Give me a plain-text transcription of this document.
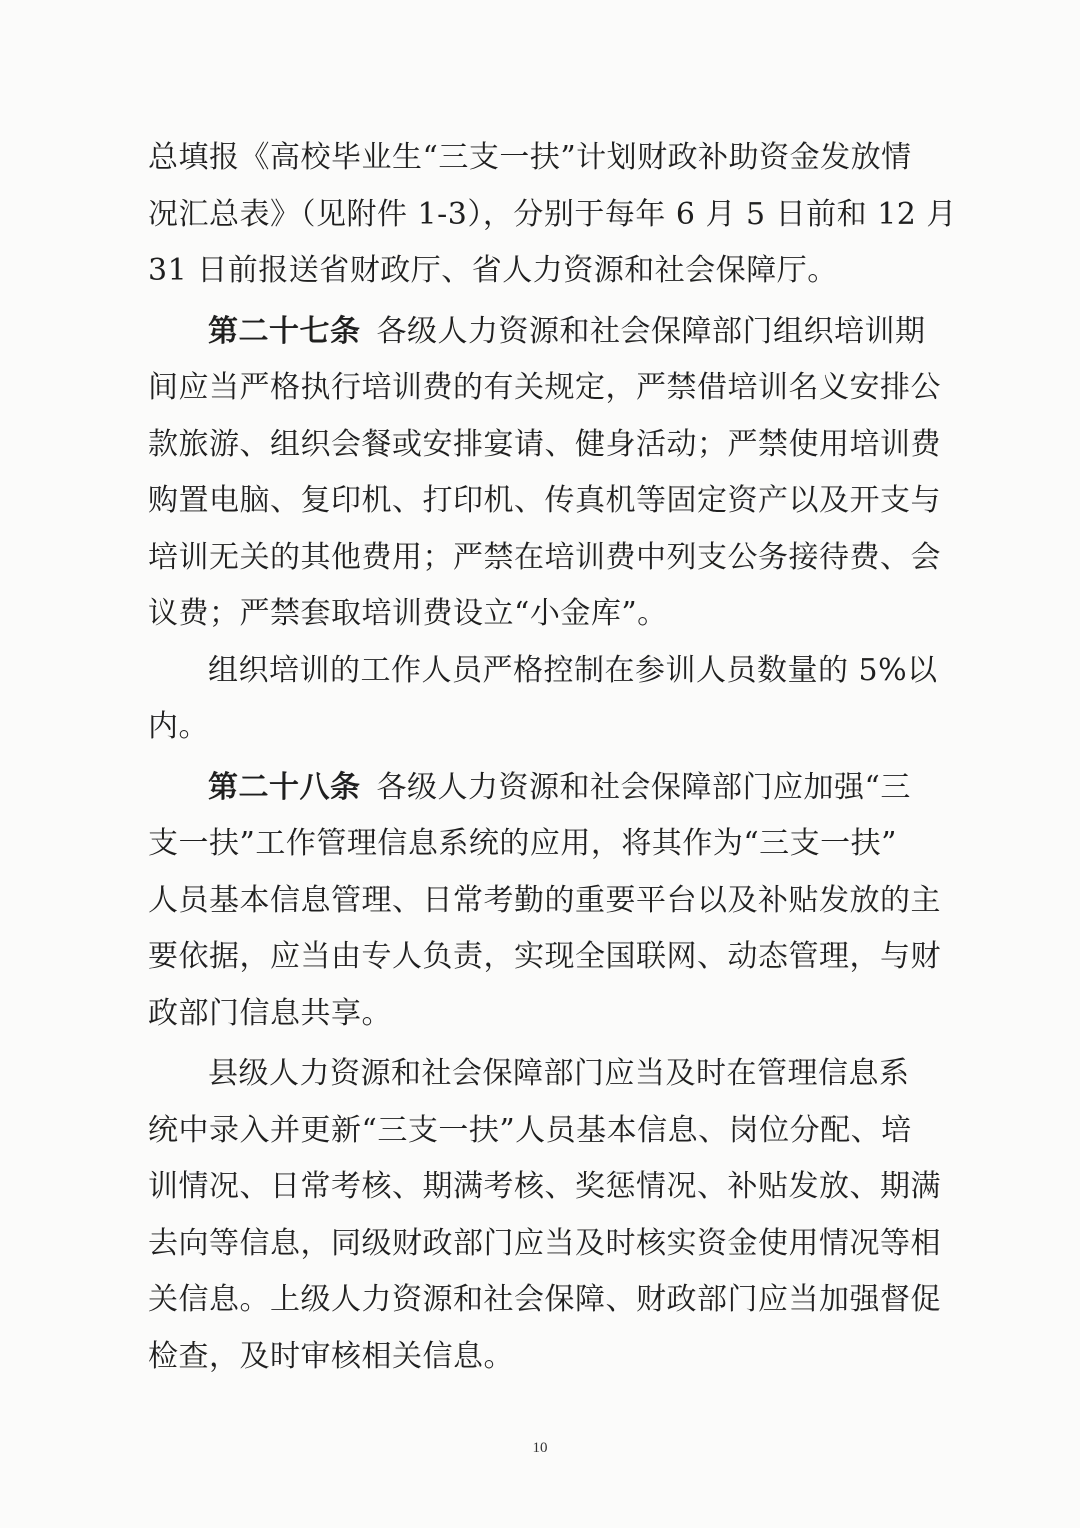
总填报《高校毕业生“三支一扶”计划财政补助资金发放情
况汇总表》（见附件 1-3），分别于每年 6 月 5 日前和 12 月
31 日前报送省财政厅、省人力资源和社会保障厅。
第二十七条 各级人力资源和社会保障部门组织培训期
间应当严格执行培训费的有关规定，严禁借培训名义安排公
款旅游、组织会餐或安排宴请、健身活动；严禁使用培训费
购置电脑、复印机、打印机、传真机等固定资产以及开支与
培训无关的其他费用；严禁在培训费中列支公务接待费、会
议费；严禁套取培训费设立“小金库”。
组织培训的工作人员严格控制在参训人员数量的 5%以
内。
第二十八条 各级人力资源和社会保障部门应加强“三
支一扶”工作管理信息系统的应用，将其作为“三支一扶”
人员基本信息管理、日常考勤的重要平台以及补贴发放的主
要依据，应当由专人负责，实现全国联网、动态管理，与财
政部门信息共享。
县级人力资源和社会保障部门应当及时在管理信息系
统中录入并更新“三支一扶”人员基本信息、岗位分配、培
训情况、日常考核、期满考核、奖惩情况、补贴发放、期满
去向等信息，同级财政部门应当及时核实资金使用情况等相
关信息。上级人力资源和社会保障、财政部门应当加强督促
检查，及时审核相关信息。
10
